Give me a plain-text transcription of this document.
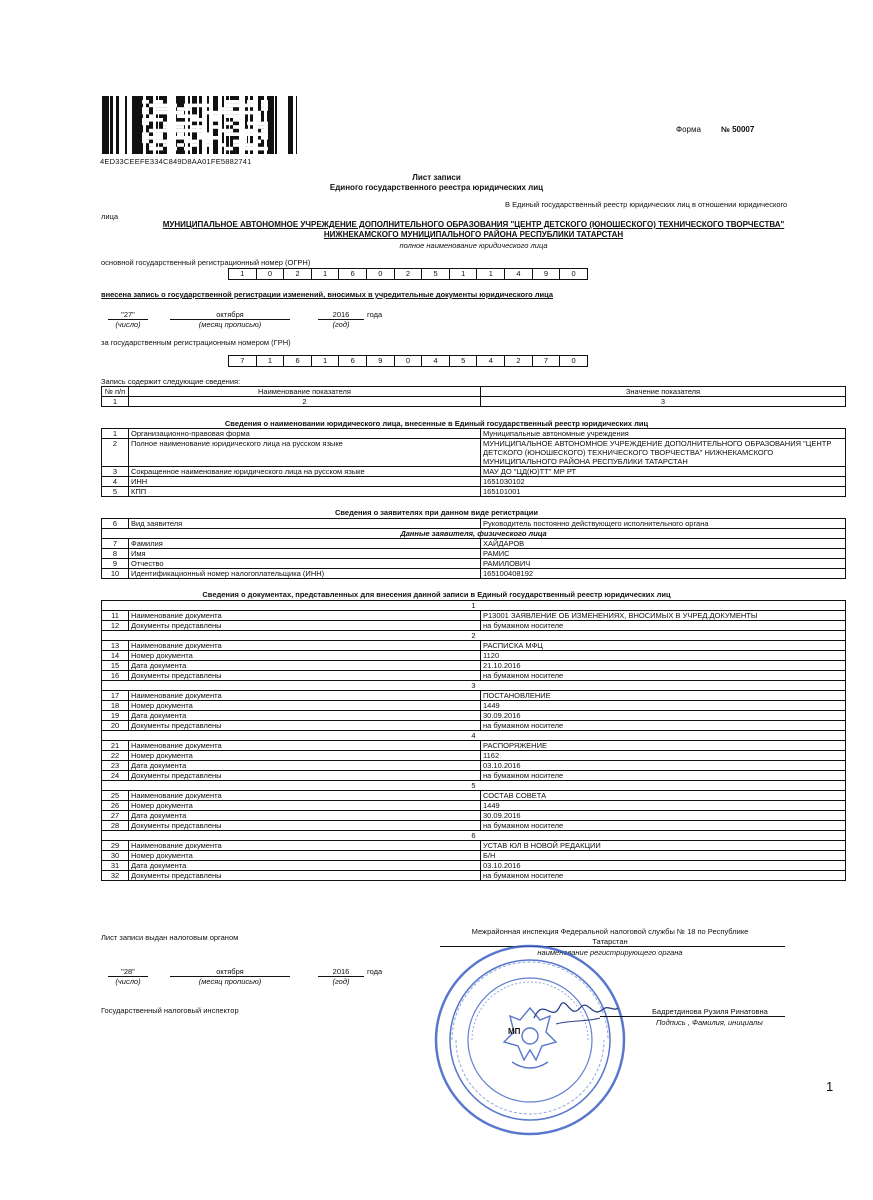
4ED33CEEFE334C849D8AA01FE5882741
Форма	№ 50007
Лист записи
Единого государственного реестра юридических лиц
В Единый государственный реестр юридических лиц в отношении юридического
лица
МУНИЦИПАЛЬНОЕ АВТОНОМНОЕ УЧРЕЖДЕНИЕ ДОПОЛНИТЕЛЬНОГО ОБРАЗОВАНИЯ "ЦЕНТР ДЕТСКОГО (ЮНОШЕСКОГО) ТЕХНИЧЕСКОГО ТВОРЧЕСТВА"
НИЖНЕКАМСКОГО МУНИЦИПАЛЬНОГО РАЙОНА РЕСПУБЛИКИ ТАТАРСТАН
полное наименование юридического лица
основной государственный регистрационный номер (ОГРН)
1	0	2	1	6	0	2	5	1	1	4	9	0
внесена запись о государственной регистрации изменений, вносимых в учредительные документы юридического лица
"27"	октября	2016	года
(число)	(месяц прописью)	(год)
за государственным регистрационным номером (ГРН)
7	1	6	1	6	9	0	4	5	4	2	7	0
Запись содержит следующие сведения:
№ п/п	Наименование показателя	Значение показателя
1	2	3
Сведения о наименовании юридического лица, внесенные в Единый государственный реестр юридических лиц
1	Организационно-правовая форма	Муниципальные автономные учреждения
2	Полное наименование юридического лица на русском языке	МУНИЦИПАЛЬНОЕ АВТОНОМНОЕ УЧРЕЖДЕНИЕ ДОПОЛНИТЕЛЬНОГО ОБРАЗОВАНИЯ "ЦЕНТР ДЕТСКОГО (ЮНОШЕСКОГО) ТЕХНИЧЕСКОГО ТВОРЧЕСТВА" НИЖНЕКАМСКОГО МУНИЦИПАЛЬНОГО РАЙОНА РЕСПУБЛИКИ ТАТАРСТАН
3	Сокращенное наименование юридического лица на русском языке	МАУ ДО "ЦД(Ю)ТТ" МР РТ
4	ИНН	1651030102
5	КПП	165101001
Сведения о заявителях при данном виде регистрации
6	Вид заявителя	Руководитель постоянно действующего исполнительного органа
Данные заявителя, физического лица		
7	Фамилия	ХАЙДАРОВ
8	Имя	РАМИС
9	Отчество	РАМИЛОВИЧ
10	Идентификационный номер налогоплательщика (ИНН)	165100408192
Сведения о документах, представленных для внесения данной записи в Единый государственный реестр юридических лиц
1		
11	Наименование документа	Р13001 ЗАЯВЛЕНИЕ ОБ ИЗМЕНЕНИЯХ, ВНОСИМЫХ В УЧРЕД.ДОКУМЕНТЫ
12	Документы представлены	на бумажном носителе
2		
13	Наименование документа	РАСПИСКА МФЦ
14	Номер документа	1120
15	Дата документа	21.10.2016
16	Документы представлены	на бумажном носителе
3		
17	Наименование документа	ПОСТАНОВЛЕНИЕ
18	Номер документа	1449
19	Дата документа	30.09.2016
20	Документы представлены	на бумажном носителе
4		
21	Наименование документа	РАСПОРЯЖЕНИЕ
22	Номер документа	1162
23	Дата документа	03.10.2016
24	Документы представлены	на бумажном носителе
5		
25	Наименование документа	СОСТАВ СОВЕТА
26	Номер документа	1449
27	Дата документа	30.09.2016
28	Документы представлены	на бумажном носителе
6		
29	Наименование документа	УСТАВ ЮЛ В НОВОЙ РЕДАКЦИИ
30	Номер документа	Б/Н
31	Дата документа	03.10.2016
32	Документы представлены	на бумажном носителе
Лист записи выдан налоговым органом
Межрайонная инспекция Федеральной налоговой службы № 18 по Республике
Татарстан
наименование регистрирующего органа
"28"	октября	2016	года
(число)	(месяц прописью)	(год)
Государственный налоговый инспектор
МП
Бадретдинова Рузиля Ринатовна
Подпись , Фамилия, инициалы
1
